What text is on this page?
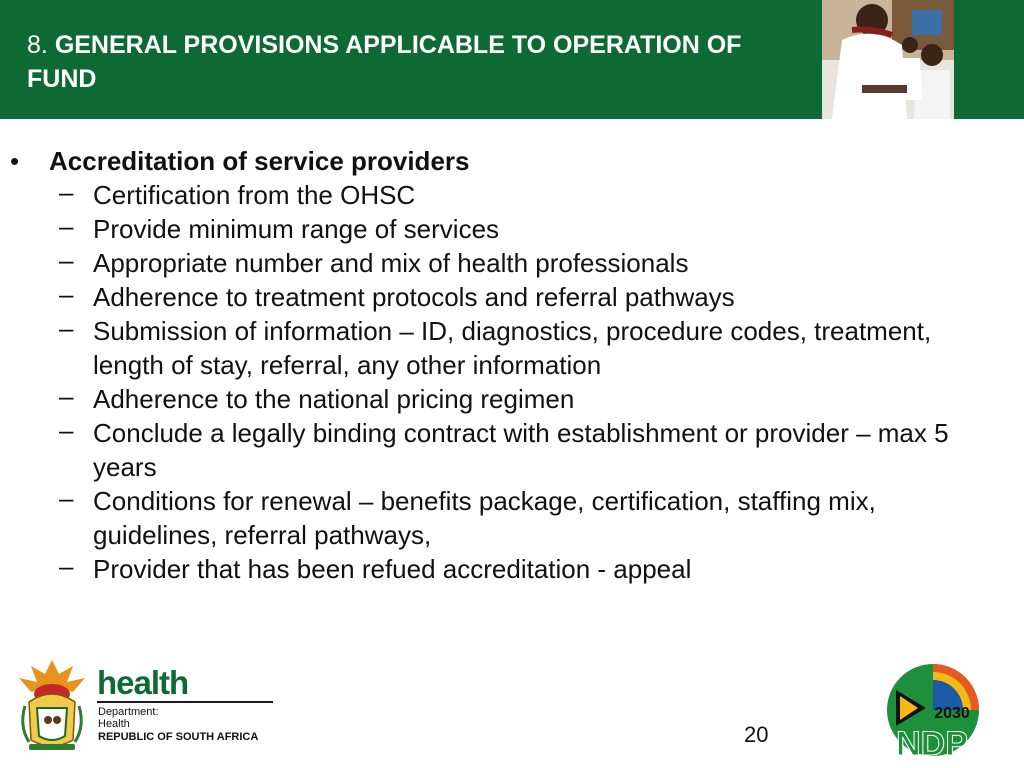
8. GENERAL PROVISIONS APPLICABLE TO OPERATION OF FUND
• Accreditation of service providers
– Certification from the OHSC
– Provide minimum range of services
– Appropriate number and mix of health professionals
– Adherence to treatment protocols and referral pathways
– Submission of information – ID, diagnostics, procedure codes, treatment, length of stay, referral, any other information
– Adherence to the national pricing regimen
– Conclude a legally binding contract with establishment or provider – max 5 years
– Conditions for renewal – benefits package, certification, staffing mix, guidelines, referral pathways,
– Provider that has been refued accreditation - appeal
health
Department:
Health
REPUBLIC OF SOUTH AFRICA	20
2030
NDP
